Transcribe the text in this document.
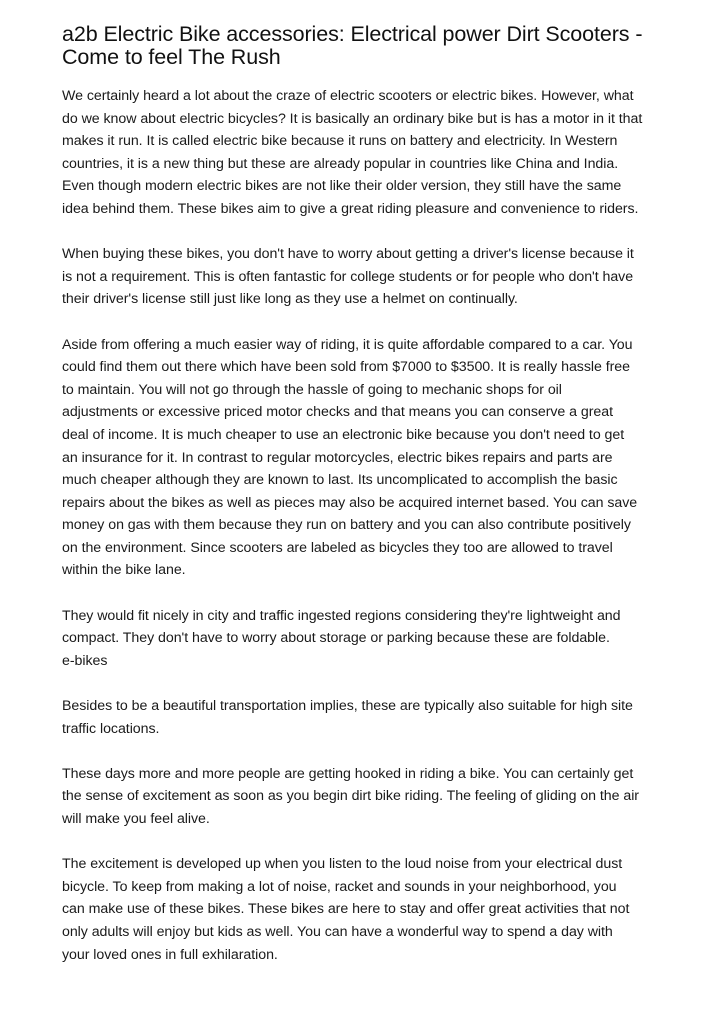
a2b Electric Bike accessories: Electrical power Dirt Scooters -
Come to feel The Rush
We certainly heard a lot about the craze of electric scooters or electric bikes. However, what
do we know about electric bicycles? It is basically an ordinary bike but is has a motor in it that
makes it run. It is called electric bike because it runs on battery and electricity. In Western
countries, it is a new thing but these are already popular in countries like China and India.
Even though modern electric bikes are not like their older version, they still have the same
idea behind them. These bikes aim to give a great riding pleasure and convenience to riders.
When buying these bikes, you don't have to worry about getting a driver's license because it
is not a requirement. This is often fantastic for college students or for people who don't have
their driver's license still just like long as they use a helmet on continually.
Aside from offering a much easier way of riding, it is quite affordable compared to a car. You
could find them out there which have been sold from $7000 to $3500. It is really hassle free
to maintain. You will not go through the hassle of going to mechanic shops for oil
adjustments or excessive priced motor checks and that means you can conserve a great
deal of income. It is much cheaper to use an electronic bike because you don't need to get
an insurance for it. In contrast to regular motorcycles, electric bikes repairs and parts are
much cheaper although they are known to last. Its uncomplicated to accomplish the basic
repairs about the bikes as well as pieces may also be acquired internet based. You can save
money on gas with them because they run on battery and you can also contribute positively
on the environment. Since scooters are labeled as bicycles they too are allowed to travel
within the bike lane.
They would fit nicely in city and traffic ingested regions considering they're lightweight and
compact. They don't have to worry about storage or parking because these are foldable.
e-bikes
Besides to be a beautiful transportation implies, these are typically also suitable for high site
traffic locations.
These days more and more people are getting hooked in riding a bike. You can certainly get
the sense of excitement as soon as you begin dirt bike riding. The feeling of gliding on the air
will make you feel alive.
The excitement is developed up when you listen to the loud noise from your electrical dust
bicycle. To keep from making a lot of noise, racket and sounds in your neighborhood, you
can make use of these bikes. These bikes are here to stay and offer great activities that not
only adults will enjoy but kids as well. You can have a wonderful way to spend a day with
your loved ones in full exhilaration.
